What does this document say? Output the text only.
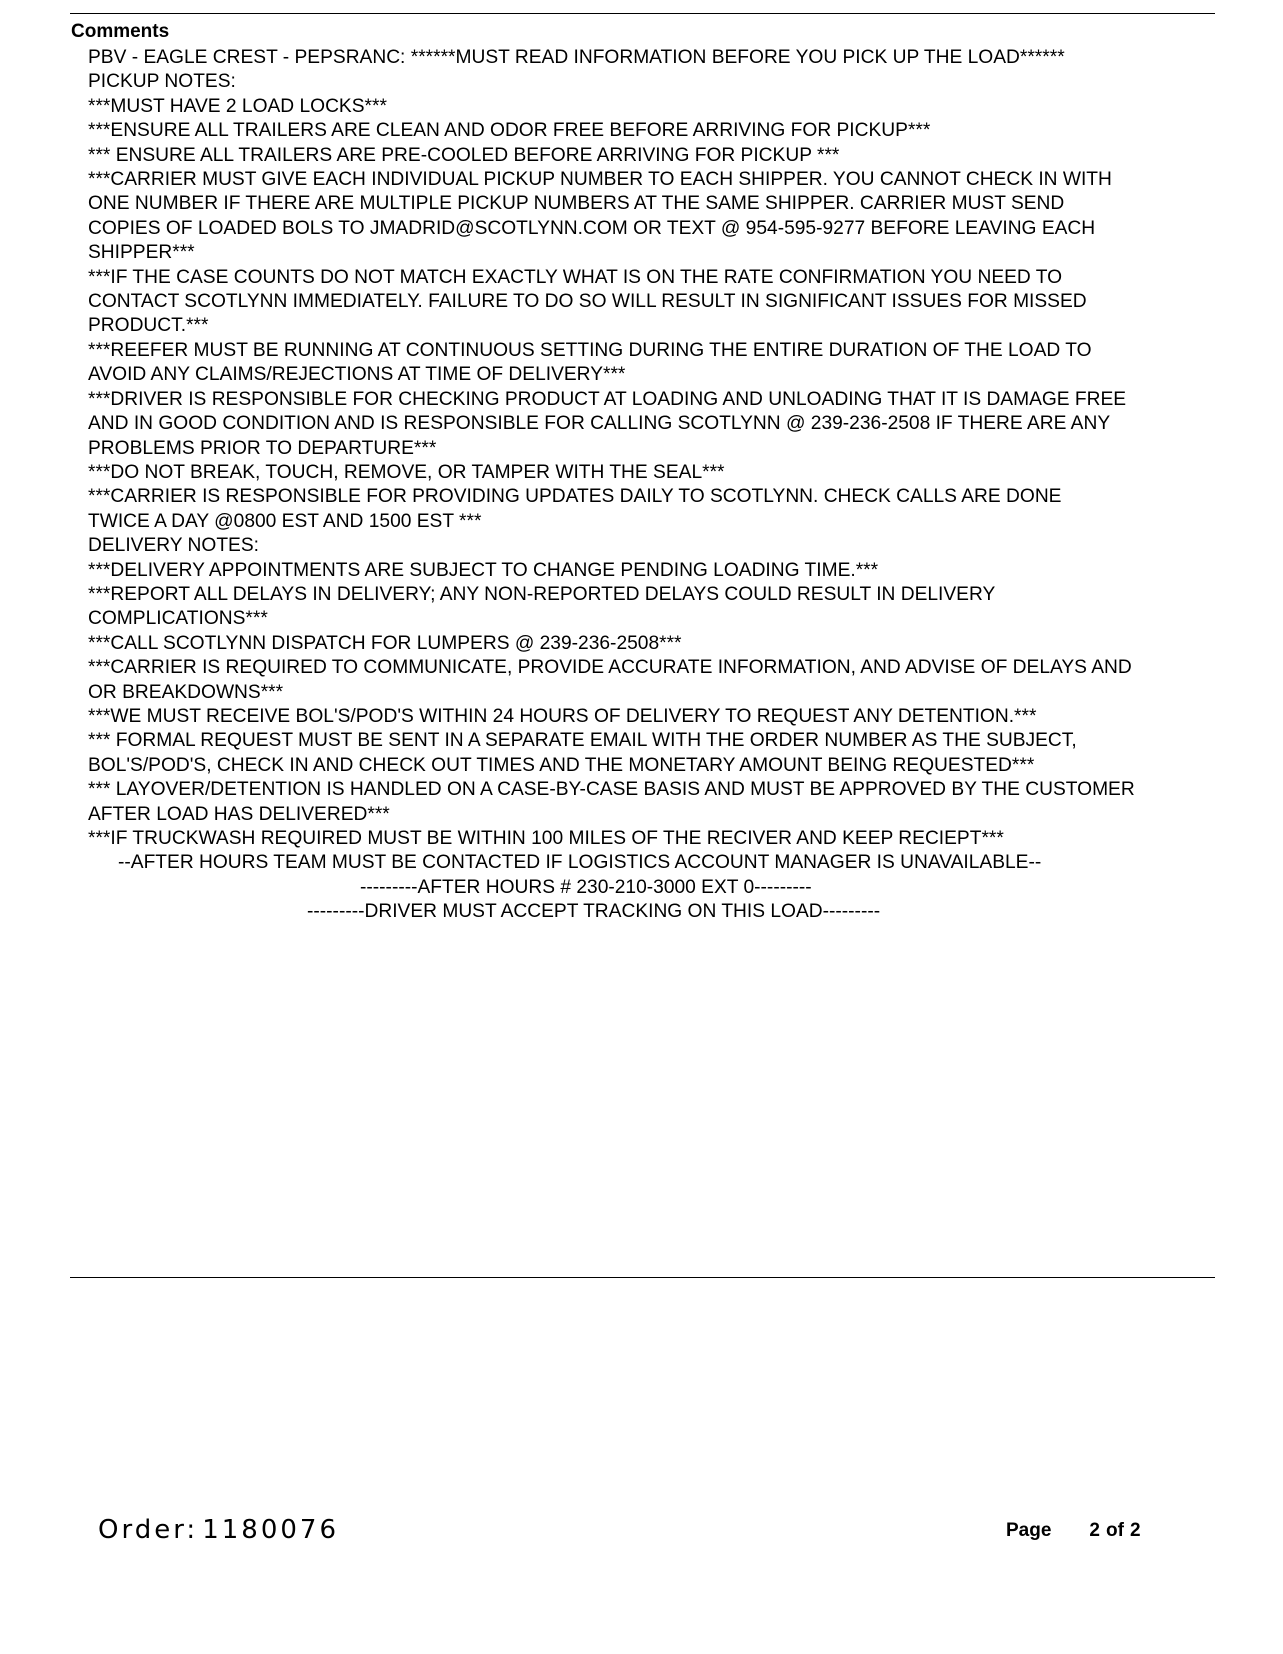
Comments
PBV - EAGLE CREST - PEPSRANC: ******MUST READ INFORMATION BEFORE YOU PICK UP THE LOAD******
PICKUP NOTES:
***MUST HAVE 2 LOAD LOCKS***
***ENSURE ALL TRAILERS ARE CLEAN AND ODOR FREE BEFORE ARRIVING FOR PICKUP***
*** ENSURE ALL TRAILERS ARE PRE-COOLED BEFORE ARRIVING FOR PICKUP ***
***CARRIER MUST GIVE EACH INDIVIDUAL PICKUP NUMBER TO EACH SHIPPER. YOU CANNOT CHECK IN WITH
ONE NUMBER IF THERE ARE MULTIPLE PICKUP NUMBERS AT THE SAME SHIPPER. CARRIER MUST SEND
COPIES OF LOADED BOLS TO JMADRID@SCOTLYNN.COM OR TEXT @ 954-595-9277 BEFORE LEAVING EACH
SHIPPER***
***IF THE CASE COUNTS DO NOT MATCH EXACTLY WHAT IS ON THE RATE CONFIRMATION YOU NEED TO
CONTACT SCOTLYNN IMMEDIATELY. FAILURE TO DO SO WILL RESULT IN SIGNIFICANT ISSUES FOR MISSED
PRODUCT.***
***REEFER MUST BE RUNNING AT CONTINUOUS SETTING DURING THE ENTIRE DURATION OF THE LOAD TO
AVOID ANY CLAIMS/REJECTIONS AT TIME OF DELIVERY***
***DRIVER IS RESPONSIBLE FOR CHECKING PRODUCT AT LOADING AND UNLOADING THAT IT IS DAMAGE FREE
AND IN GOOD CONDITION AND IS RESPONSIBLE FOR CALLING SCOTLYNN @ 239-236-2508 IF THERE ARE ANY
PROBLEMS PRIOR TO DEPARTURE***
***DO NOT BREAK, TOUCH, REMOVE, OR TAMPER WITH THE SEAL***
***CARRIER IS RESPONSIBLE FOR PROVIDING UPDATES DAILY TO SCOTLYNN. CHECK CALLS ARE DONE
TWICE A DAY @0800 EST AND 1500 EST ***
DELIVERY NOTES:
***DELIVERY APPOINTMENTS ARE SUBJECT TO CHANGE PENDING LOADING TIME.***
***REPORT ALL DELAYS IN DELIVERY; ANY NON-REPORTED DELAYS COULD RESULT IN DELIVERY
COMPLICATIONS***
***CALL SCOTLYNN DISPATCH FOR LUMPERS @ 239-236-2508***
***CARRIER IS REQUIRED TO COMMUNICATE, PROVIDE ACCURATE INFORMATION, AND ADVISE OF DELAYS AND
OR BREAKDOWNS***
***WE MUST RECEIVE BOL'S/POD'S WITHIN 24 HOURS OF DELIVERY TO REQUEST ANY DETENTION.***
*** FORMAL REQUEST MUST BE SENT IN A SEPARATE EMAIL WITH THE ORDER NUMBER AS THE SUBJECT,
BOL'S/POD'S, CHECK IN AND CHECK OUT TIMES AND THE MONETARY AMOUNT BEING REQUESTED***
*** LAYOVER/DETENTION IS HANDLED ON A CASE-BY-CASE BASIS AND MUST BE APPROVED BY THE CUSTOMER
AFTER LOAD HAS DELIVERED***
***IF TRUCKWASH REQUIRED MUST BE WITHIN 100 MILES OF THE RECIVER AND KEEP RECIEPT***
--AFTER HOURS TEAM MUST BE CONTACTED IF LOGISTICS ACCOUNT MANAGER IS UNAVAILABLE--
---------AFTER HOURS # 230-210-3000 EXT 0---------
---------DRIVER MUST ACCEPT TRACKING ON THIS LOAD---------
Order: 1180076	Page 2 of 2
